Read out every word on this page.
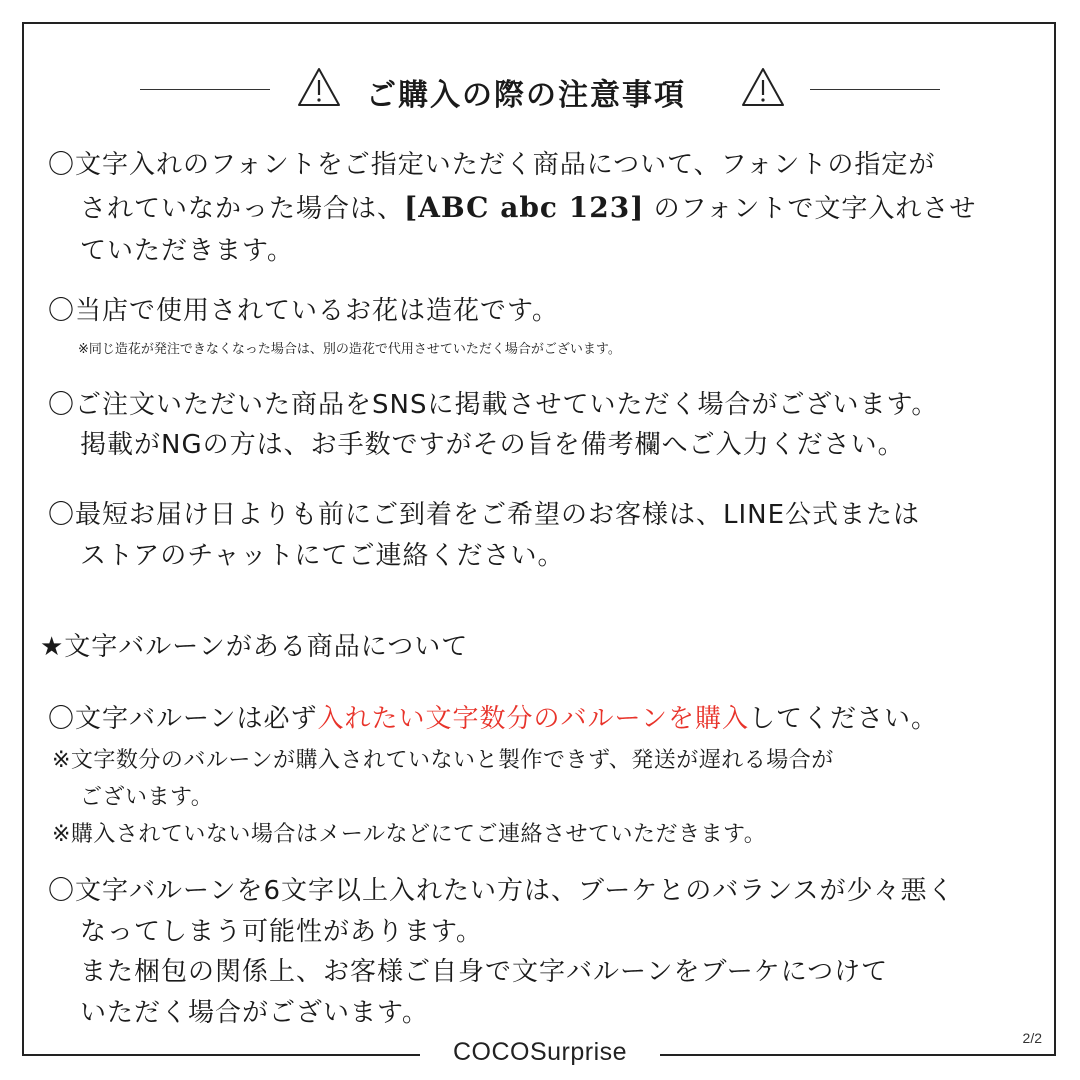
COCOSurprise	2/2
ご購入の際の注意事項
〇文字入れのフォントをご指定いただく商品について、フォントの指定が
されていなかった場合は、[ABC abc 123] のフォントで文字入れさせ
ていただきます。
〇当店で使用されているお花は造花です。
※同じ造花が発注できなくなった場合は、別の造花で代用させていただく場合がございます。
〇ご注文いただいた商品をSNSに掲載させていただく場合がございます。
掲載がNGの方は、お手数ですがその旨を備考欄へご入力ください。
〇最短お届け日よりも前にご到着をご希望のお客様は、LINE公式または
ストアのチャットにてご連絡ください。
★文字バルーンがある商品について
〇文字バルーンは必ず入れたい文字数分のバルーンを購入してください。
※文字数分のバルーンが購入されていないと製作できず、発送が遅れる場合が
ございます。
※購入されていない場合はメールなどにてご連絡させていただきます。
〇文字バルーンを6文字以上入れたい方は、ブーケとのバランスが少々悪く
なってしまう可能性があります。
また梱包の関係上、お客様ご自身で文字バルーンをブーケにつけて
いただく場合がございます。
